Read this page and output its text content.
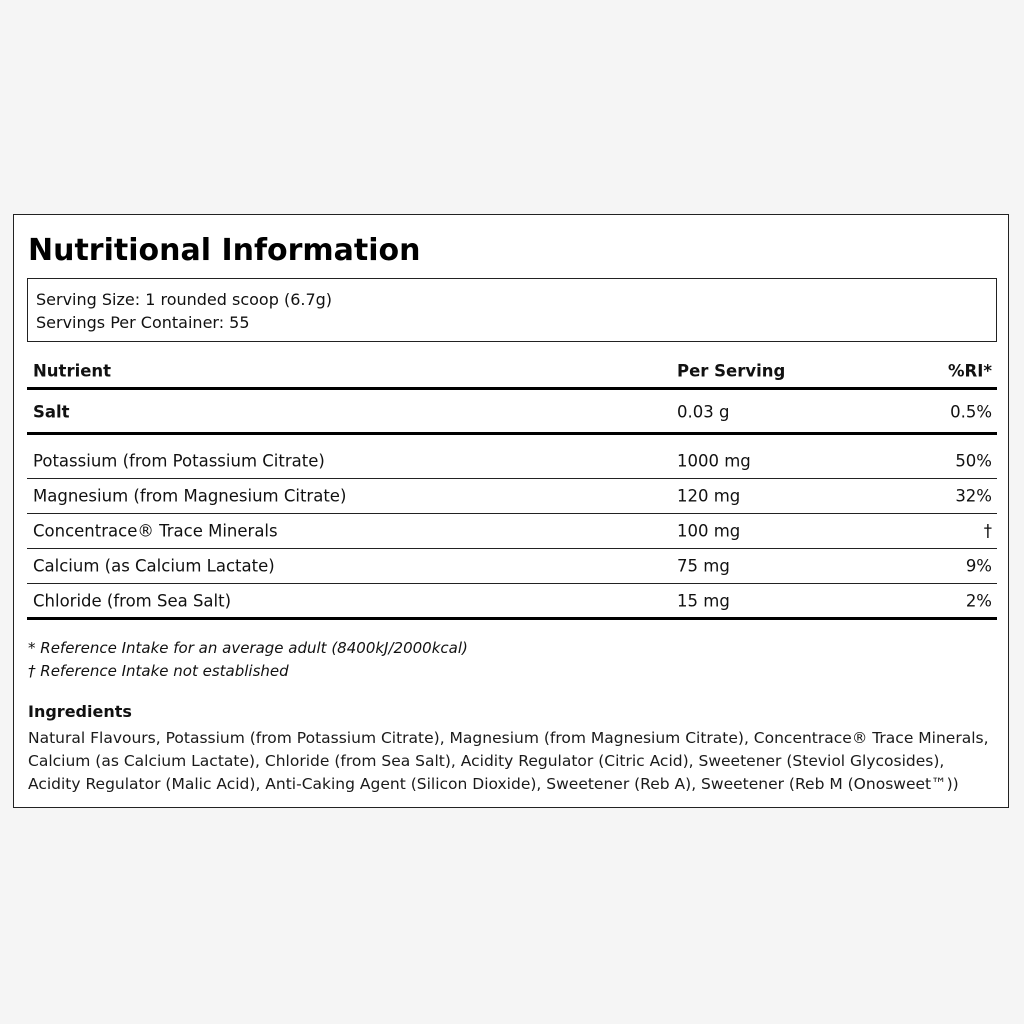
Nutritional Information
Serving Size: 1 rounded scoop (6.7g)
Servings Per Container: 55
Nutrient	Per Serving	%RI*
Salt	0.03 g	0.5%
Potassium (from Potassium Citrate)	1000 mg	50%
Magnesium (from Magnesium Citrate)	120 mg	32%
Concentrace® Trace Minerals	100 mg	†
Calcium (as Calcium Lactate)	75 mg	9%
Chloride (from Sea Salt)	15 mg	2%
* Reference Intake for an average adult (8400kJ/2000kcal)
† Reference Intake not established
Ingredients
Natural Flavours, Potassium (from Potassium Citrate), Magnesium (from Magnesium Citrate), Concentrace® Trace Minerals, Calcium (as Calcium Lactate), Chloride (from Sea Salt), Acidity Regulator (Citric Acid), Sweetener (Steviol Glycosides), Acidity Regulator (Malic Acid), Anti-Caking Agent (Silicon Dioxide), Sweetener (Reb A), Sweetener (Reb M (Onosweet™))
